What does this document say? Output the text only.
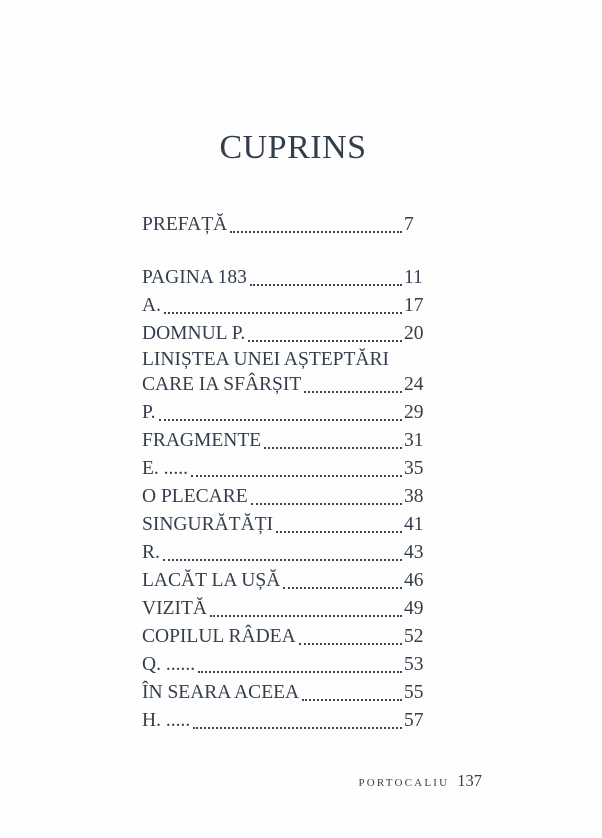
CUPRINS
PREFAȚĂ	7
PAGINA 183	11
A.	17
DOMNUL P.	20
LINIȘTEA UNEI AȘTEPTĂRI
CARE IA SFÂRȘIT	24
P.	29
FRAGMENTE	31
E. .....	35
O PLECARE	38
SINGURĂTĂȚI	41
R.	43
LACĂT LA UȘĂ	46
VIZITĂ	49
COPILUL RÂDEA	52
Q. ......	53
ÎN SEARA ACEEA	55
H. .....	57
PORTOCALIU 137
